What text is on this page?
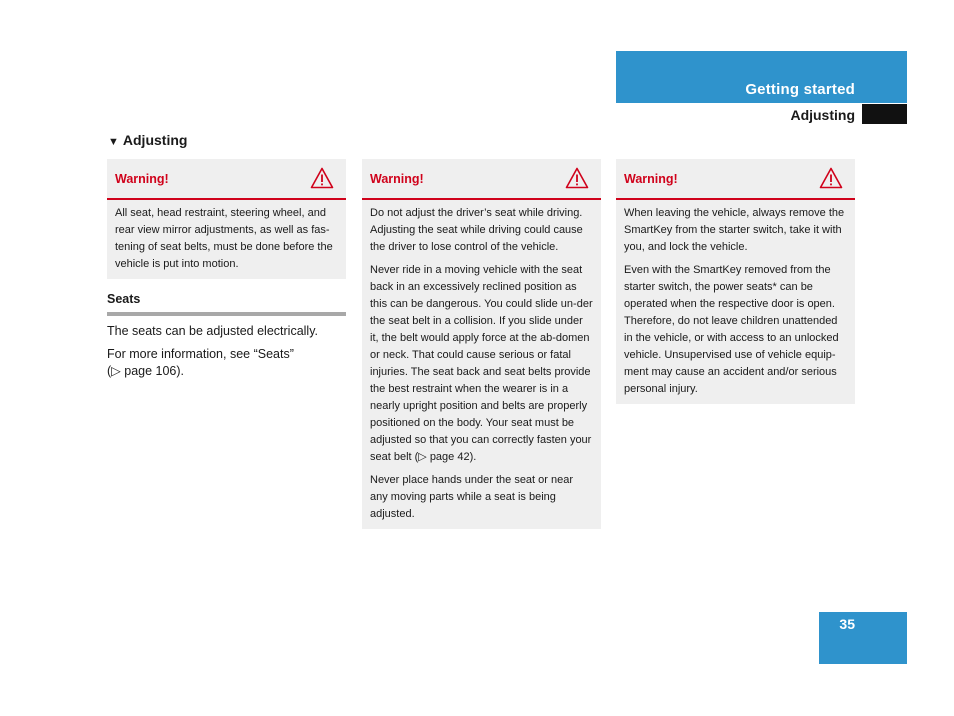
Getting started
Adjusting
▼ Adjusting
Warning!

All seat, head restraint, steering wheel, and rear view mirror adjustments, as well as fas-tening of seat belts, must be done before the vehicle is put into motion.

Warning!

Do not adjust the driver’s seat while driving. Adjusting the seat while driving could cause the driver to lose control of the vehicle.

Never ride in a moving vehicle with the seat back in an excessively reclined position as this can be dangerous. You could slide un-der the seat belt in a collision. If you slide under it, the belt would apply force at the ab-domen or neck. That could cause serious or fatal injuries. The seat back and seat belts provide the best restraint when the wearer is in a nearly upright position and belts are properly positioned on the body. Your seat must be adjusted so that you can correctly fasten your seat belt (▷ page 42).

Never place hands under the seat or near any moving parts while a seat is being adjusted.

Warning!

When leaving the vehicle, always remove the SmartKey from the starter switch, take it with you, and lock the vehicle.

Even with the SmartKey removed from the starter switch, the power seats* can be operated when the respective door is open. Therefore, do not leave children unattended in the vehicle, or with access to an unlocked vehicle. Unsupervised use of vehicle equip-ment may cause an accident and/or serious personal injury.

Seats

The seats can be adjusted electrically.

For more information, see “Seats”
(▷ page 106).

35
